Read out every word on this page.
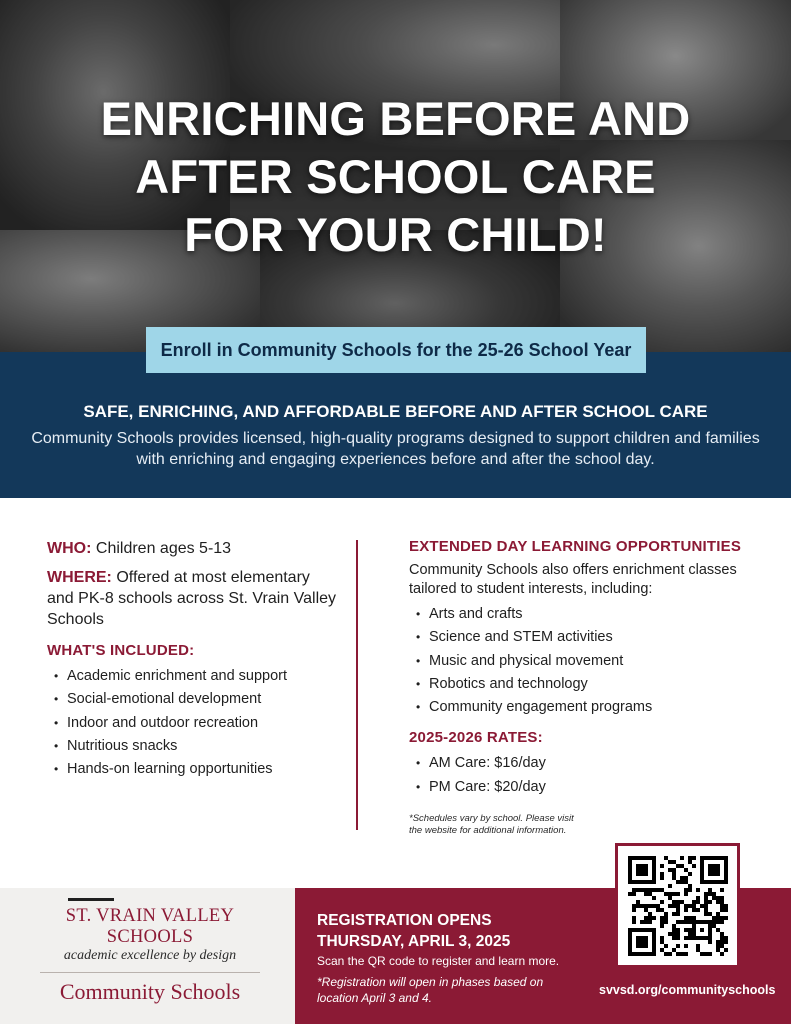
ENRICHING BEFORE AND
AFTER SCHOOL CARE
FOR YOUR CHILD!
Enroll in Community Schools for the 25-26 School Year
SAFE, ENRICHING, AND AFFORDABLE BEFORE AND AFTER SCHOOL CARE
Community Schools provides licensed, high-quality programs designed to support children and families with enriching and engaging experiences before and after the school day.
WHO: Children ages 5-13
WHERE: Offered at most elementary and PK-8 schools across St. Vrain Valley Schools
WHAT'S INCLUDED:
• Academic enrichment and support
• Social-emotional development
• Indoor and outdoor recreation
• Nutritious snacks
• Hands-on learning opportunities
EXTENDED DAY LEARNING OPPORTUNITIES
Community Schools also offers enrichment classes tailored to student interests, including:
• Arts and crafts
• Science and STEM activities
• Music and physical movement
• Robotics and technology
• Community engagement programs
2025-2026 RATES:
• AM Care: $16/day
• PM Care: $20/day
*Schedules vary by school. Please visit
the website for additional information.
ST. VRAIN VALLEY SCHOOLS
academic excellence by design
Community Schools
REGISTRATION OPENS
THURSDAY, APRIL 3, 2025
Scan the QR code to register and learn more.
*Registration will open in phases based on location April 3 and 4.
svvsd.org/communityschools
